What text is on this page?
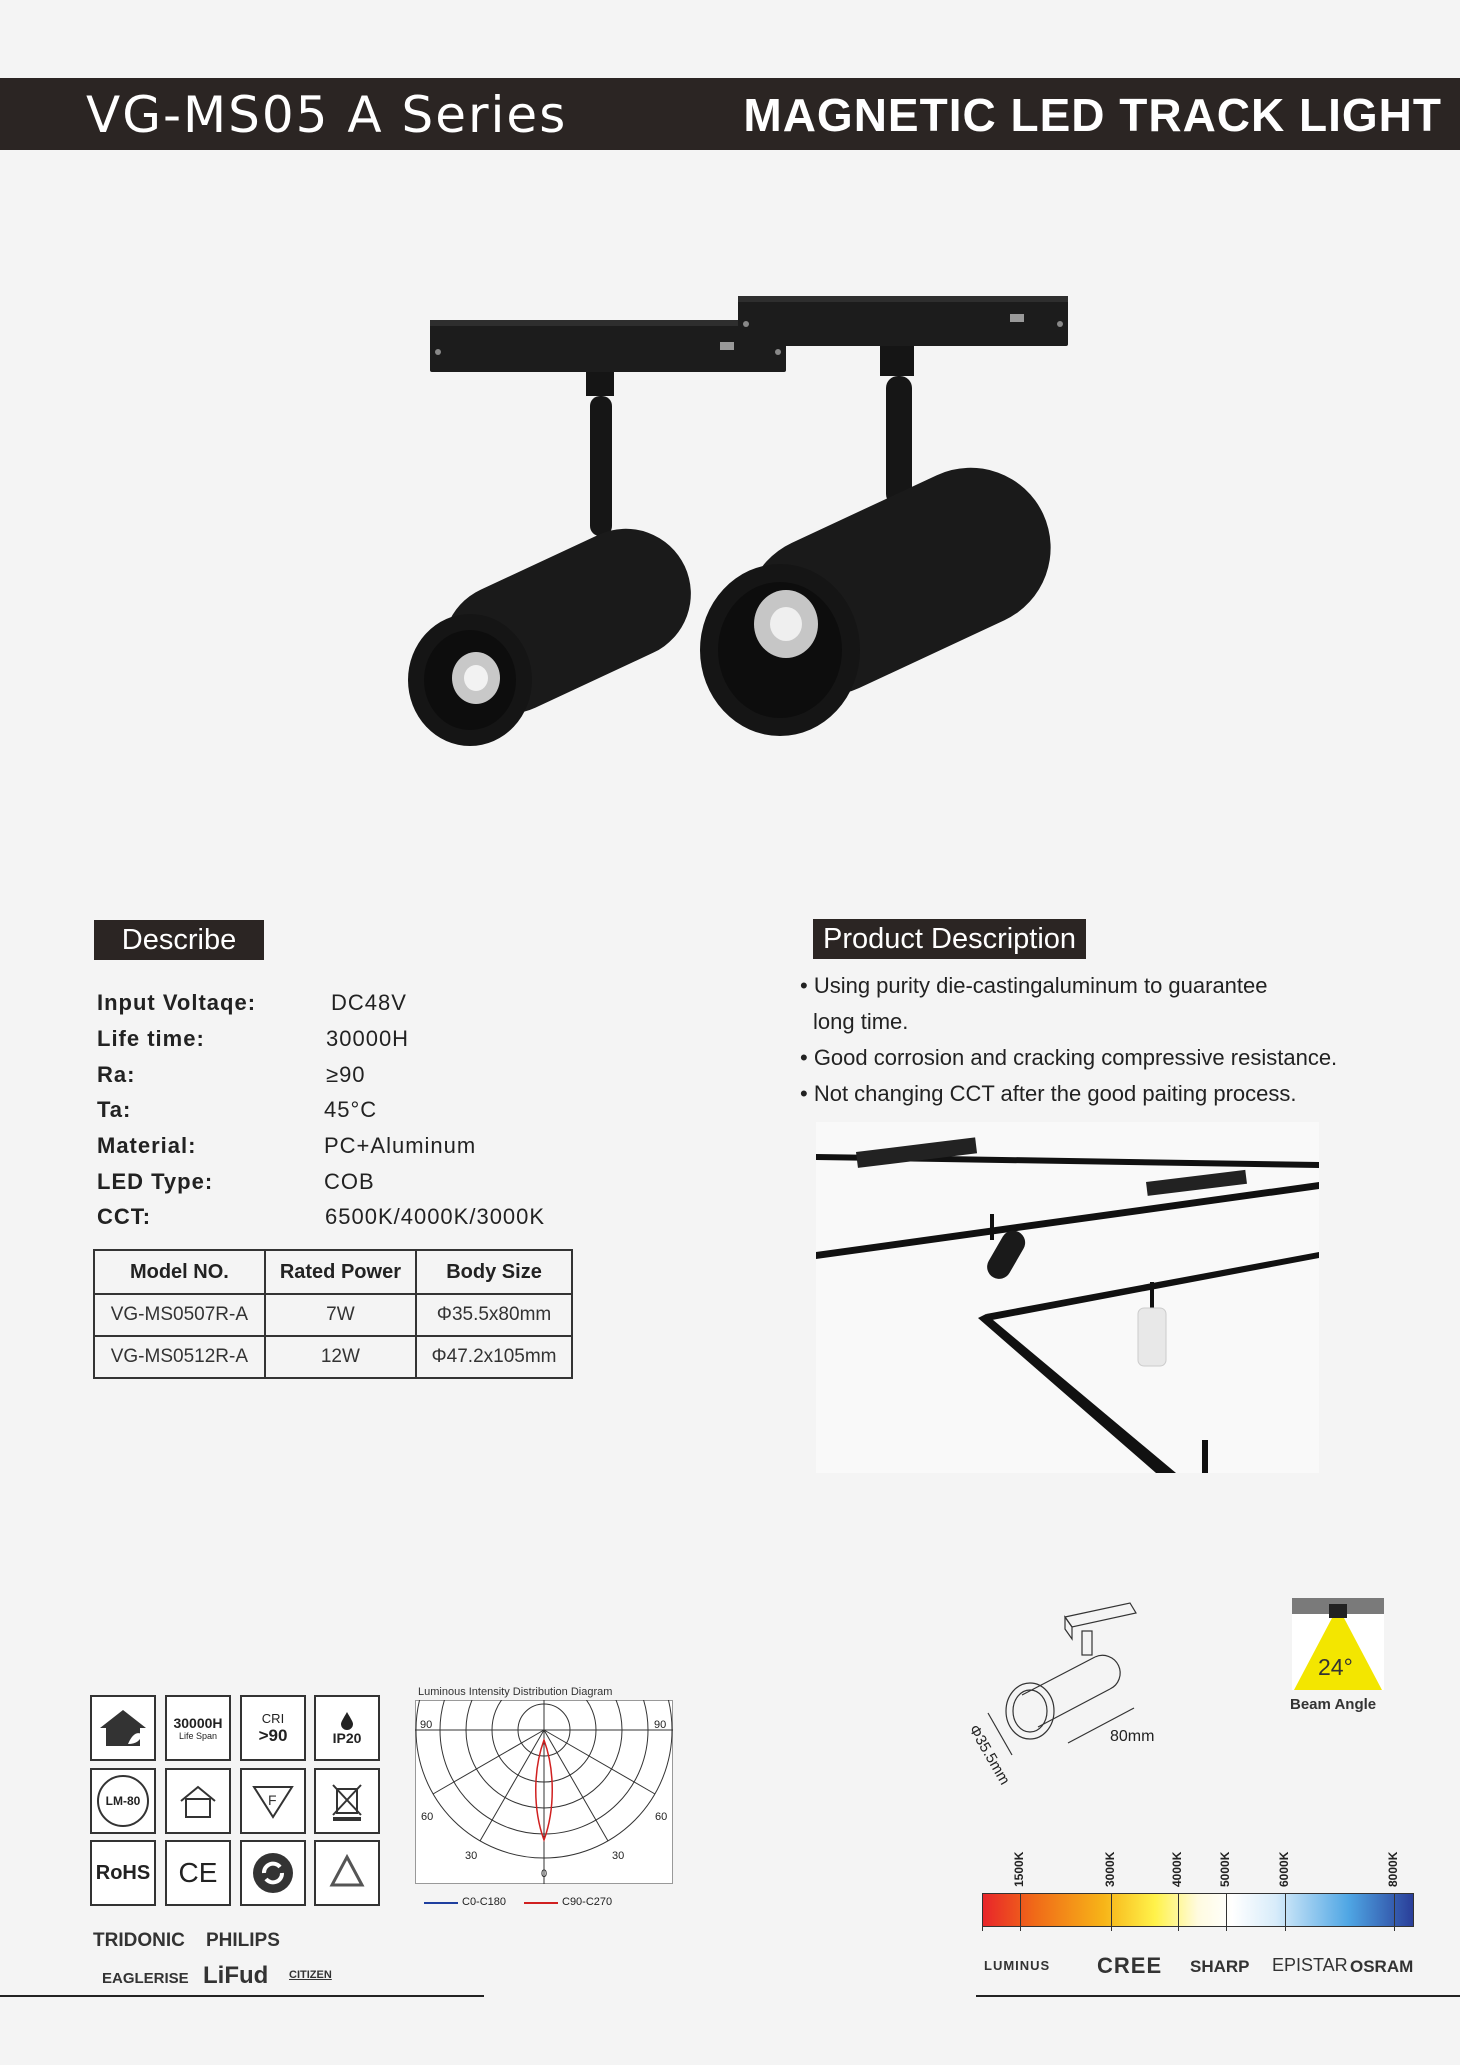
VG-MS05 A Series	MAGNETIC LED TRACK LIGHT
Describe
Input Voltaqe:	DC48V
Life time:	30000H
Ra:	≥90
Ta:	45°C
Material:	PC+Aluminum
LED Type:	COB
CCT:	6500K/4000K/3000K
Model NO.	Rated Power	Body Size
VG-MS0507R-A	7W	Φ35.5x80mm
VG-MS0512R-A	12W	Φ47.2x105mm
Product Description
• Using purity die-castingaluminum to guarantee
long time.
• Good corrosion and cracking compressive resistance.
• Not changing CCT after the good paiting process.
30000H
Life Span
CRI
>90	IP20
LM-80	F
RoHS CE
TRIDONIC PHILIPS
EAGLERISE LiFud CITIZEN
Luminous Intensity Distribution Diagram
90	90
60	60
30	30
0
C0-C180	C90-C270
Φ35.5mm	80mm
24°
Beam Angle
1500K	3000K	4000K	5000K	6000K	8000K
LUMINUS CREE SHARP EPISTAR OSRAM
